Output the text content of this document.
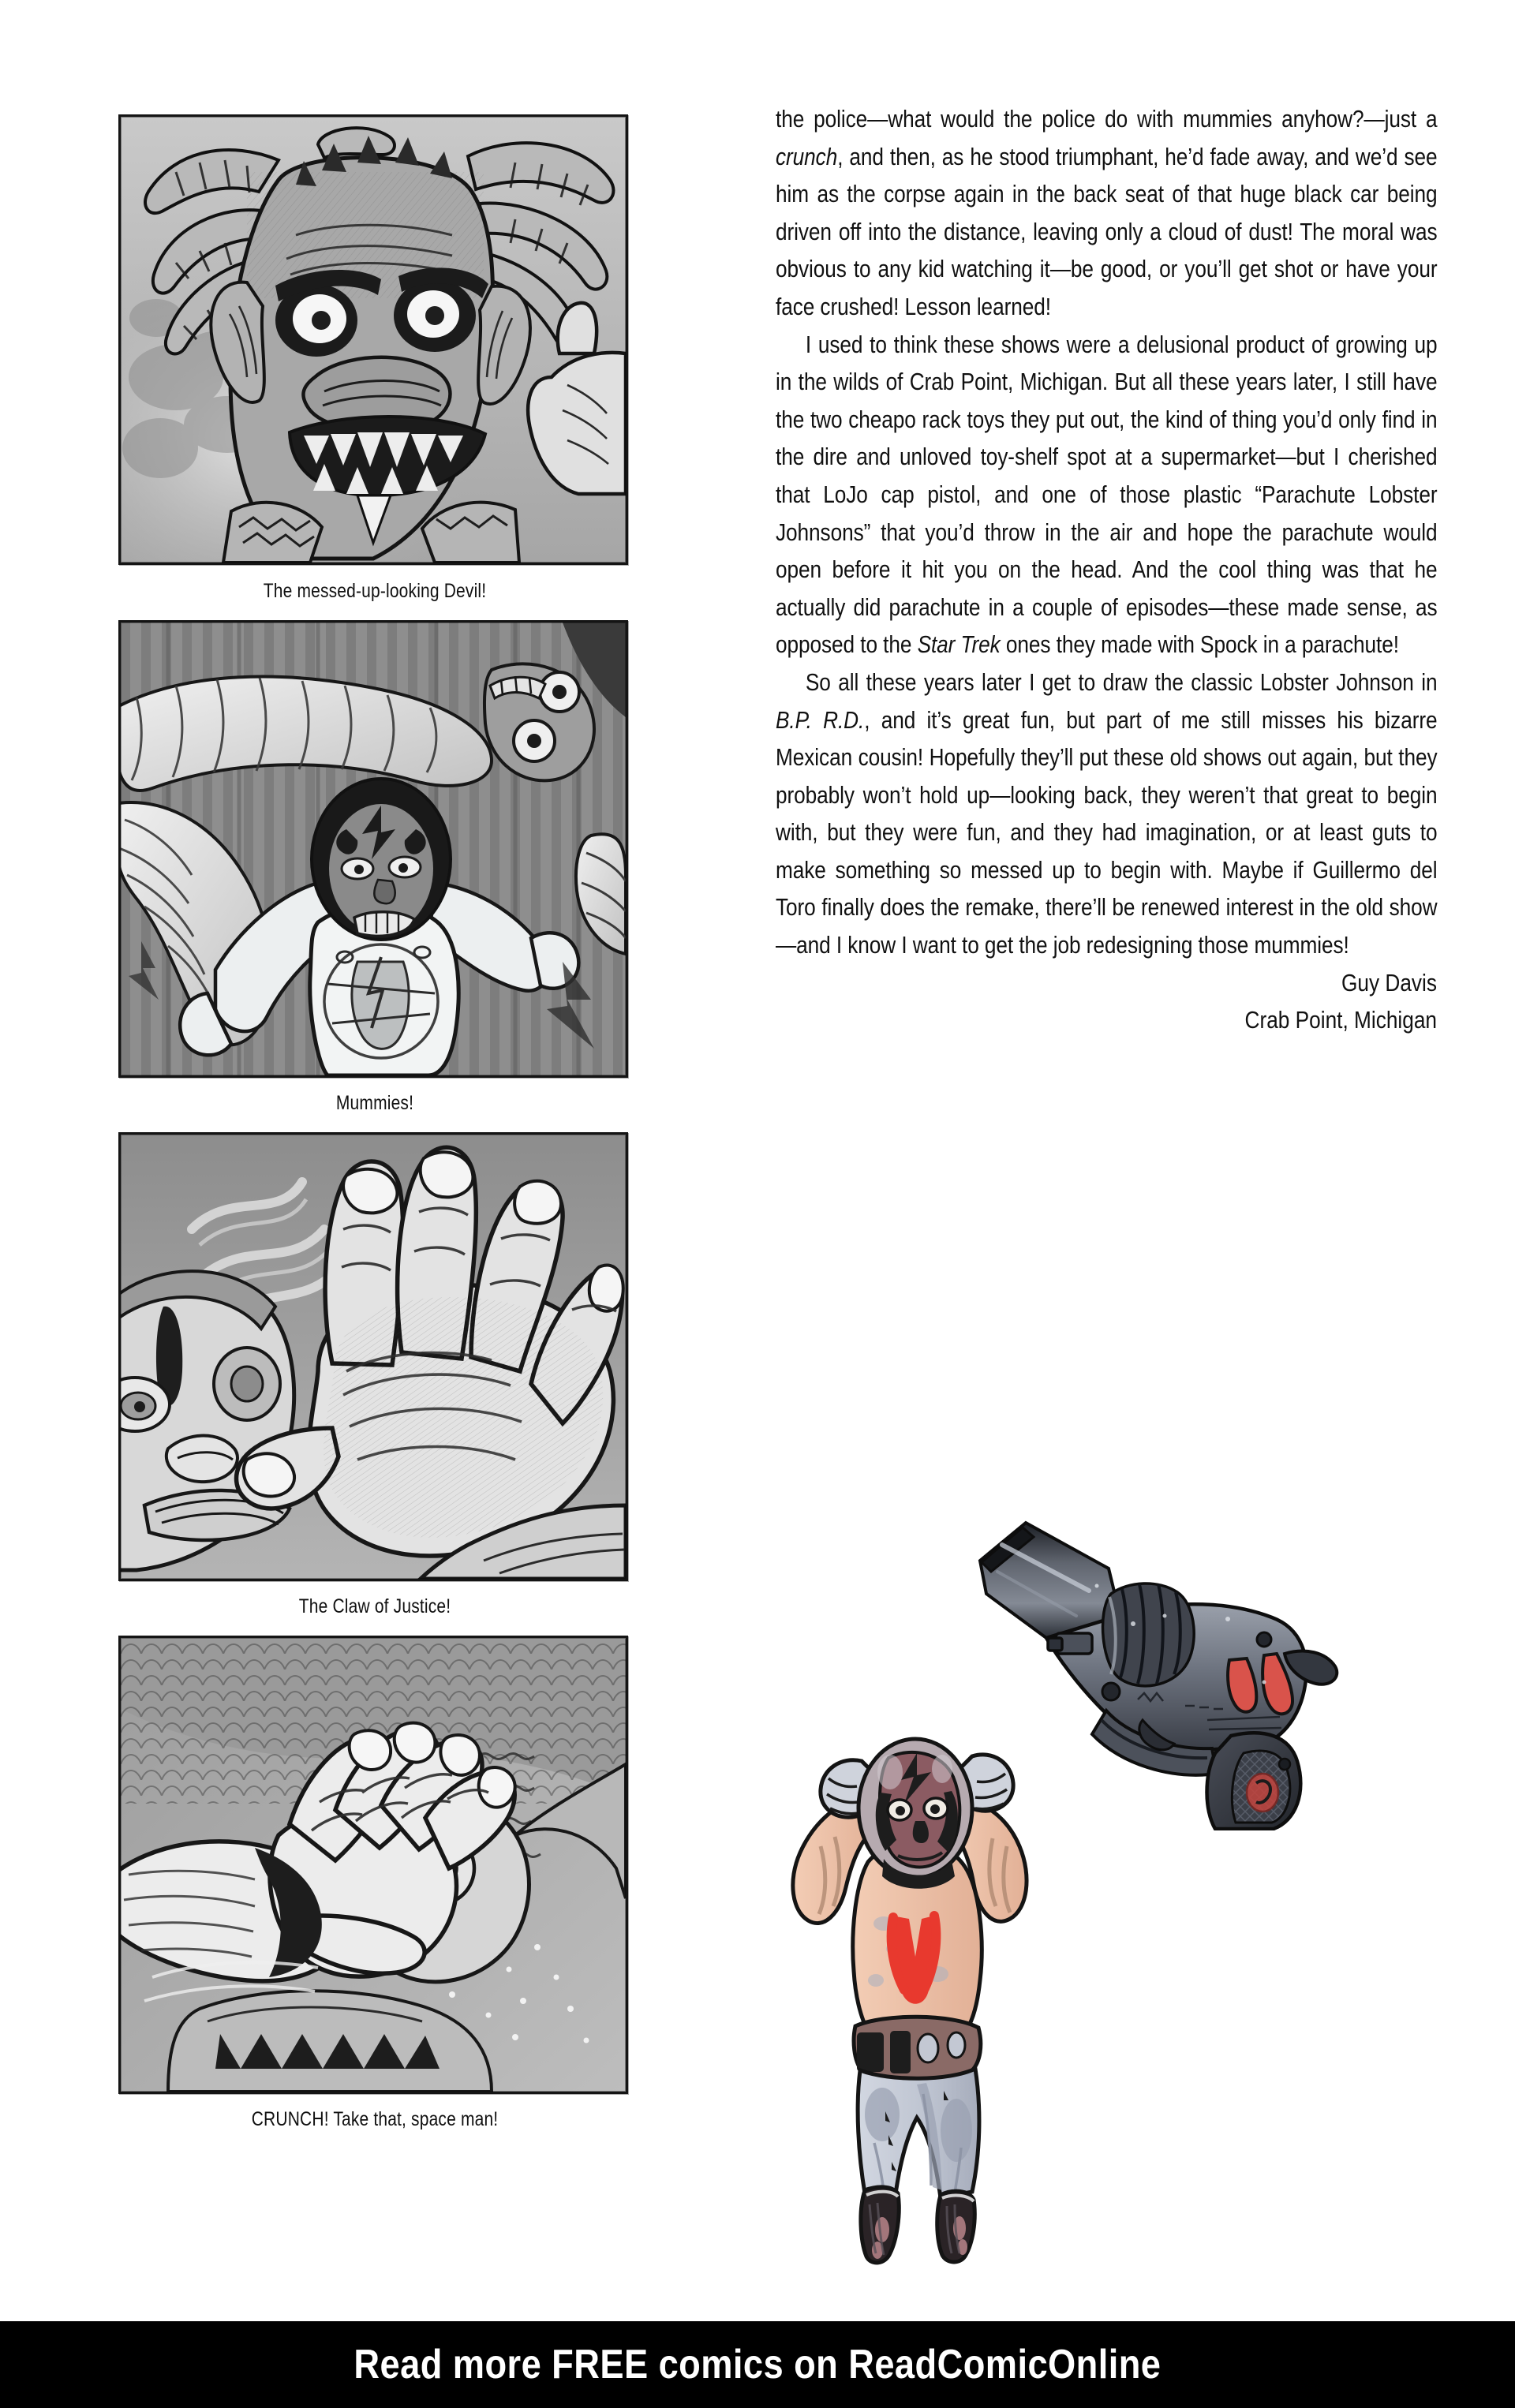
The messed-up-looking Devil!
Mummies!
The Claw of Justice!
CRUNCH! Take that, space man!

the police—what would the police do with mummies anyhow?—just a crunch, and then, as he stood triumphant, he’d fade away, and we’d see him as the corpse again in the back seat of that huge black car being driven off into the distance, leaving only a cloud of dust! The moral was obvious to any kid watching it—be good, or you’ll get shot or have your face crushed! Lesson learned!

I used to think these shows were a delusional product of growing up in the wilds of Crab Point, Michigan. But all these years later, I still have the two cheapo rack toys they put out, the kind of thing you’d only find in the dire and unloved toy-shelf spot at a supermarket—but I cherished that LoJo cap pistol, and one of those plastic “Parachute Lobster Johnsons” that you’d throw in the air and hope the parachute would open before it hit you on the head. And the cool thing was that he actually did parachute in a couple of episodes—these made sense, as opposed to the Star Trek ones they made with Spock in a parachute!

So all these years later I get to draw the classic Lobster Johnson in B.P. R.D., and it’s great fun, but part of me still misses his bizarre Mexican cousin! Hopefully they’ll put these old shows out again, but they probably won’t hold up—looking back, they weren’t that great to begin with, but they were fun, and they had imagination, or at least guts to make something so messed up to begin with. Maybe if Guillermo del Toro finally does the remake, there’ll be renewed interest in the old show—and I know I want to get the job redesigning those mummies!

Guy Davis
Crab Point, Michigan
Read more FREE comics on ReadComicOnline
